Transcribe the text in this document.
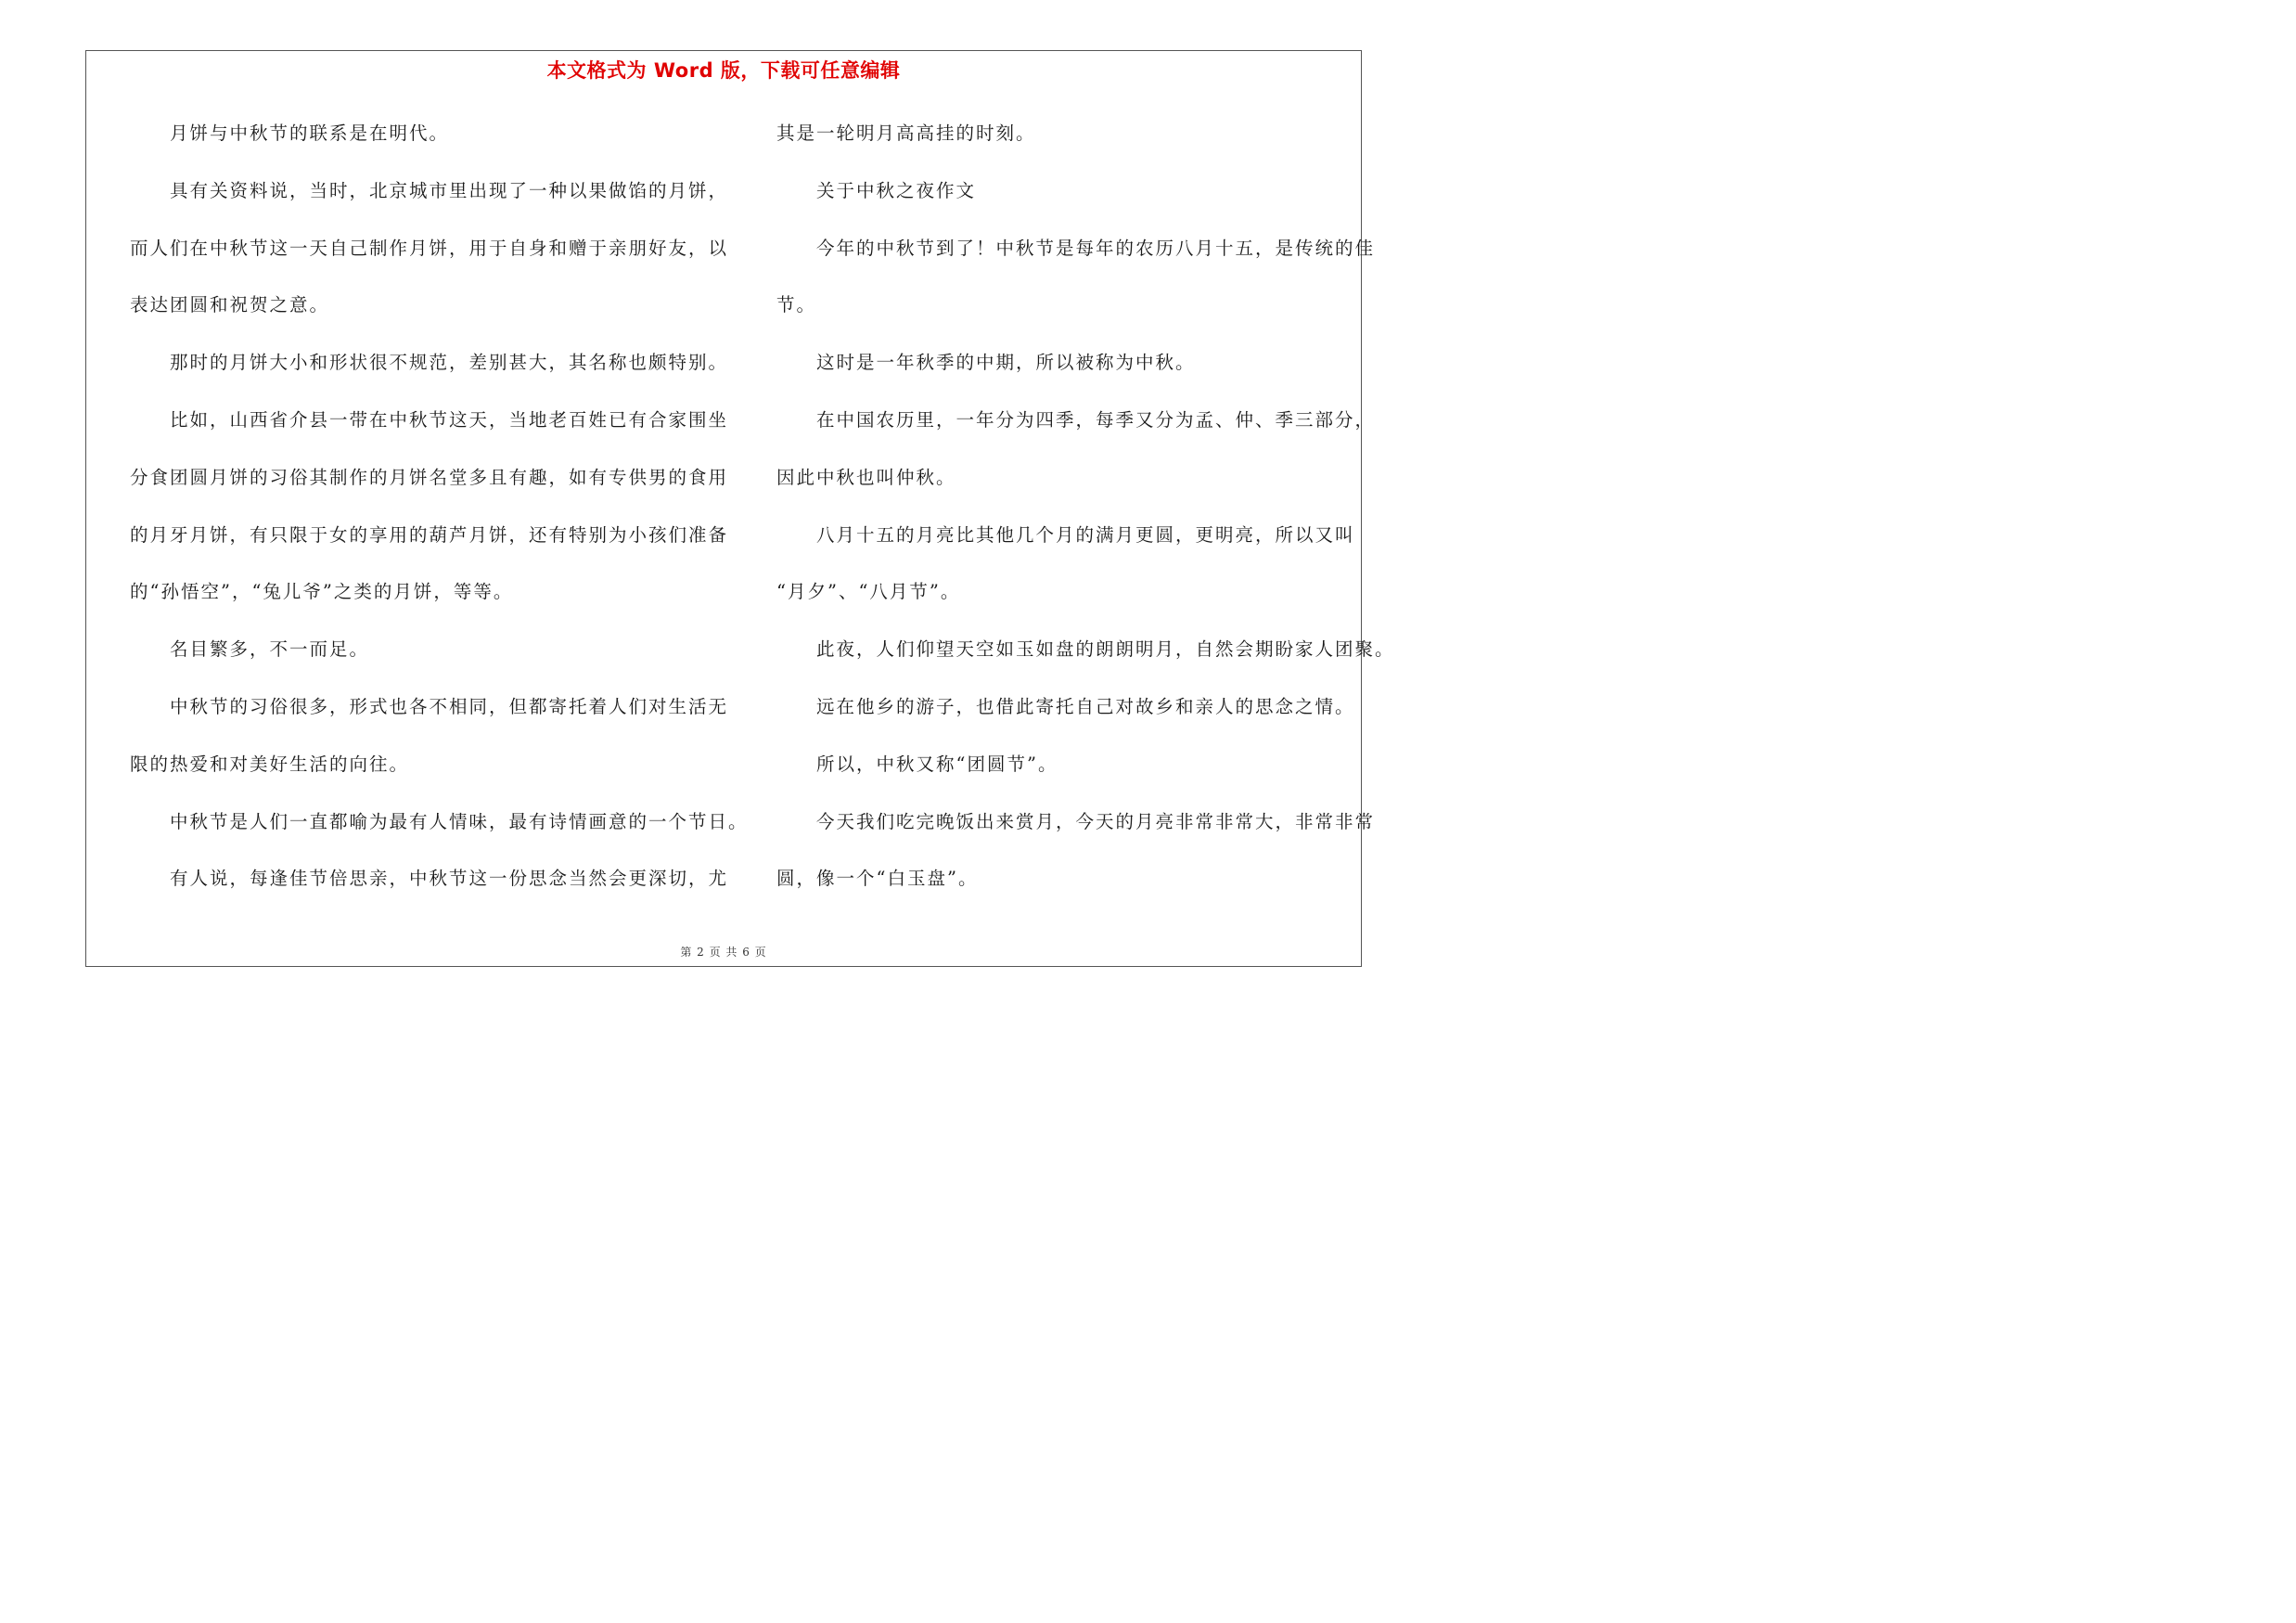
本文格式为 Word 版，下载可任意编辑
月饼与中秋节的联系是在明代。
具有关资料说，当时，北京城市里出现了一种以果做馅的月饼，
而人们在中秋节这一天自己制作月饼，用于自身和赠于亲朋好友，以
表达团圆和祝贺之意。
那时的月饼大小和形状很不规范，差别甚大，其名称也颇特别。
比如，山西省介县一带在中秋节这天，当地老百姓已有合家围坐
分食团圆月饼的习俗其制作的月饼名堂多且有趣，如有专供男的食用
的月牙月饼，有只限于女的享用的葫芦月饼，还有特别为小孩们准备
的“孙悟空”，“兔儿爷”之类的月饼，等等。
名目繁多，不一而足。
中秋节的习俗很多，形式也各不相同，但都寄托着人们对生活无
限的热爱和对美好生活的向往。
中秋节是人们一直都喻为最有人情味，最有诗情画意的一个节日。
有人说，每逢佳节倍思亲，中秋节这一份思念当然会更深切，尤
其是一轮明月高高挂的时刻。
关于中秋之夜作文
今年的中秋节到了！中秋节是每年的农历八月十五，是传统的佳
节。
这时是一年秋季的中期，所以被称为中秋。
在中国农历里，一年分为四季，每季又分为孟、仲、季三部分，
因此中秋也叫仲秋。
八月十五的月亮比其他几个月的满月更圆，更明亮，所以又叫
“月夕”、“八月节”。
此夜，人们仰望天空如玉如盘的朗朗明月，自然会期盼家人团聚。
远在他乡的游子，也借此寄托自己对故乡和亲人的思念之情。
所以，中秋又称“团圆节”。
今天我们吃完晚饭出来赏月，今天的月亮非常非常大，非常非常
圆，像一个“白玉盘”。
第 2 页 共 6 页
